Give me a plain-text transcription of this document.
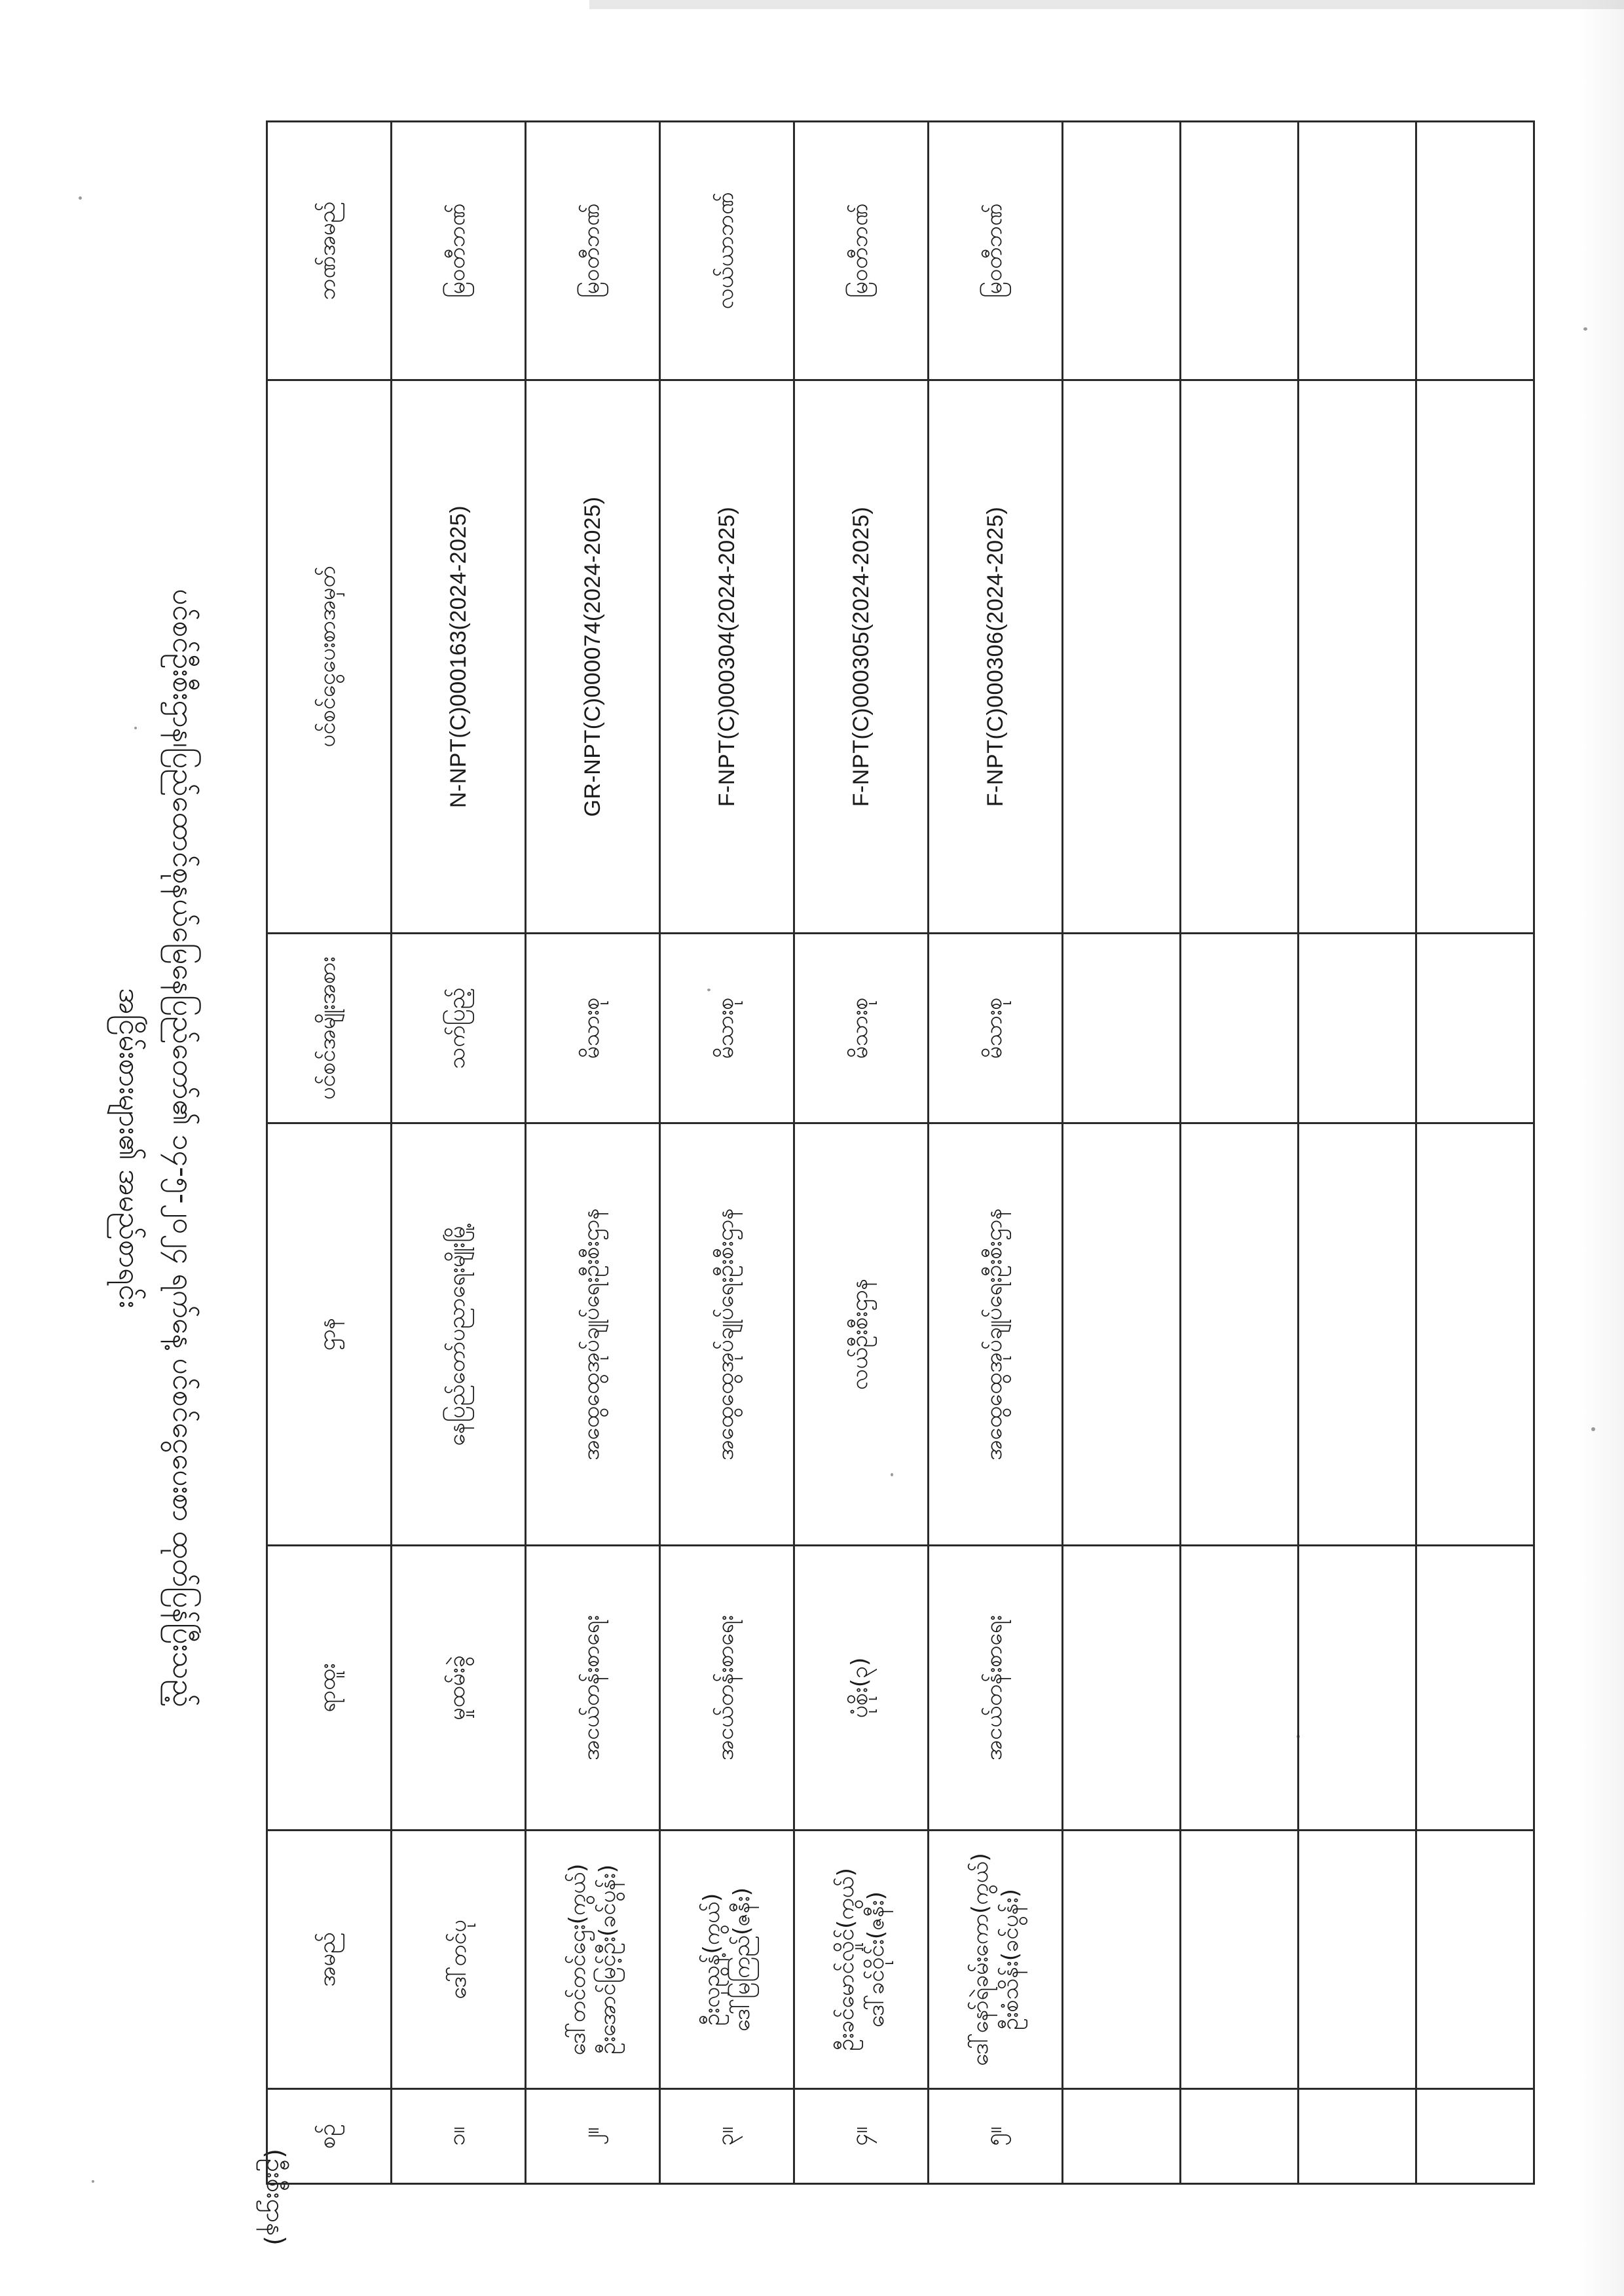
ပင်စင်ဦးစီးဌာန၊ပြည်ထောင်စုနယ်မြေနေပြည်တော်၏ ၁၄-၅-၂၀၂၄ ရက်နေ့ ပင်စင်ငွေပေးစာ ထုတ်ပြန်ပြီးသည့်
အငြိမ်းစားများ၏ အမည်စာရင်း
(ဦးစီးဌာန)
စဉ်	အမည်	ရာထူး	ဌာန	ပင်စင်အမျိုးအစား	ပင်စင်ငွေပေးစာအမှတ်	ဘဏ်အမည်
၁။	ဒေါ်တင်ပု	မှုထမ်းခွဲ	နေပြည်တော်ပညာရေးမျိုးမြို့	သက်ပြည့်	N-NPT(C)000163(2024-2025)	မြဝတီဘဏ်
၂။	ဒေါ်တင်တင်ဌေး(ကွယ်) ဦးအောင်မြင့်ဦး(ခင်ပွန်း)	အငယ်တန်းစာရေး	အထွေထွေအုပ်ချုပ်ရေးဦးစီးဌာန	မိသားစု	GR-NPT(C)000074(2024-2025)	မြဝတီဘဏ်
၃။	ဦးလှညွန့်(ကွယ်) ဒေါ်မြကြည်(ဇနီး)	အငယ်တန်းစာရေး	အထွေထွေအုပ်ချုပ်ရေးဦးစီးဌာန	မိသားစု	F-NPT(C)000304(2024-2025)	လယ်ယာဘဏ်
၄။	ဦးခင်မောင်လှိုင်(ကွယ်) ဒေါ်ခင်ဝိုင်း(ဇနီး)	ပုံစိုး(၃)	လယ်ဦးစီးဌာန	မိသားစု	F-NPT(C)000305(2024-2025)	မြဝတီဘဏ်
၅။	ဒေါ်နော်ရဲခမ်းကော(ကွယ်) ဦးစံသိန်း(ခင်ပွန်း)	အငယ်တန်းစာရေး	အထွေထွေအုပ်ချုပ်ရေးဦးစီးဌာန	မိသားစု	F-NPT(C)000306(2024-2025)	မြဝတီဘဏ်
